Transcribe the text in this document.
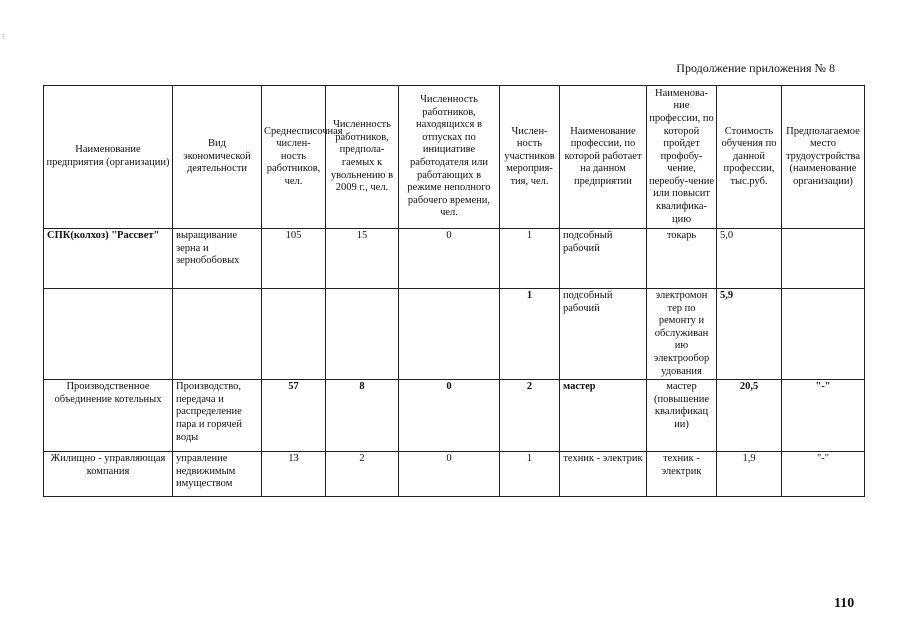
⁝
Продолжение приложения № 8
Наименование предприятия (организации)	Вид экономической деятельности	Среднесписочная числен-ность работников, чел.	Численность работников, предпола-гаемых к увольнению в 2009 г., чел.	Численность работников, находящихся в отпусках по инициативе работодателя или работающих в режиме неполного рабочего времени, чел.	Числен-ность участников мероприя-тия, чел.	Наименование профессии, по которой работает на данном предприятии	Наименова-ние профессии, по которой пройдет профобу-чение, переобу-чение или повысит квалифика-цию	Стоимость обучения по данной профессии, тыс.руб.	Предполагаемое место трудоустройства (наименование организации)
СПК(колхоз) "Рассвет"	выращивание зерна и зернобобовых	105	15	0	1	подсобный рабочий	токарь	5,0	
					1	подсобный рабочий	электромон тер по ремонту и обслуживан ию электрообор удования	5,9	
Производственное объединение котельных	Производство, передача и распределение пара и горячей воды	57	8	0	2	мастер	мастер (повышение квалификац ии)	20,5	"-"
Жилищно - управляющая компания	управление недвижимым имуществом	13	2	0	1	техник - электрик	техник - электрик	1,9	"-"
110
